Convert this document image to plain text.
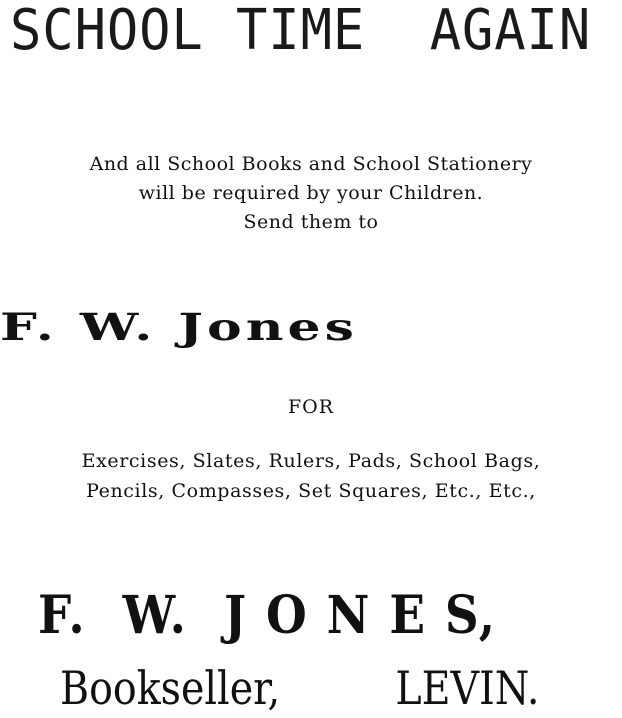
SCHOOL TIME  AGAIN
And all School Books and School Stationery
will be required by your Children.
Send them to
F. W. Jones
FOR
Exercises, Slates, Rulers, Pads, School Bags,
Pencils, Compasses, Set Squares, Etc., Etc.,
F.  W.  J O N E S,
Bookseller,	LEVIN.
